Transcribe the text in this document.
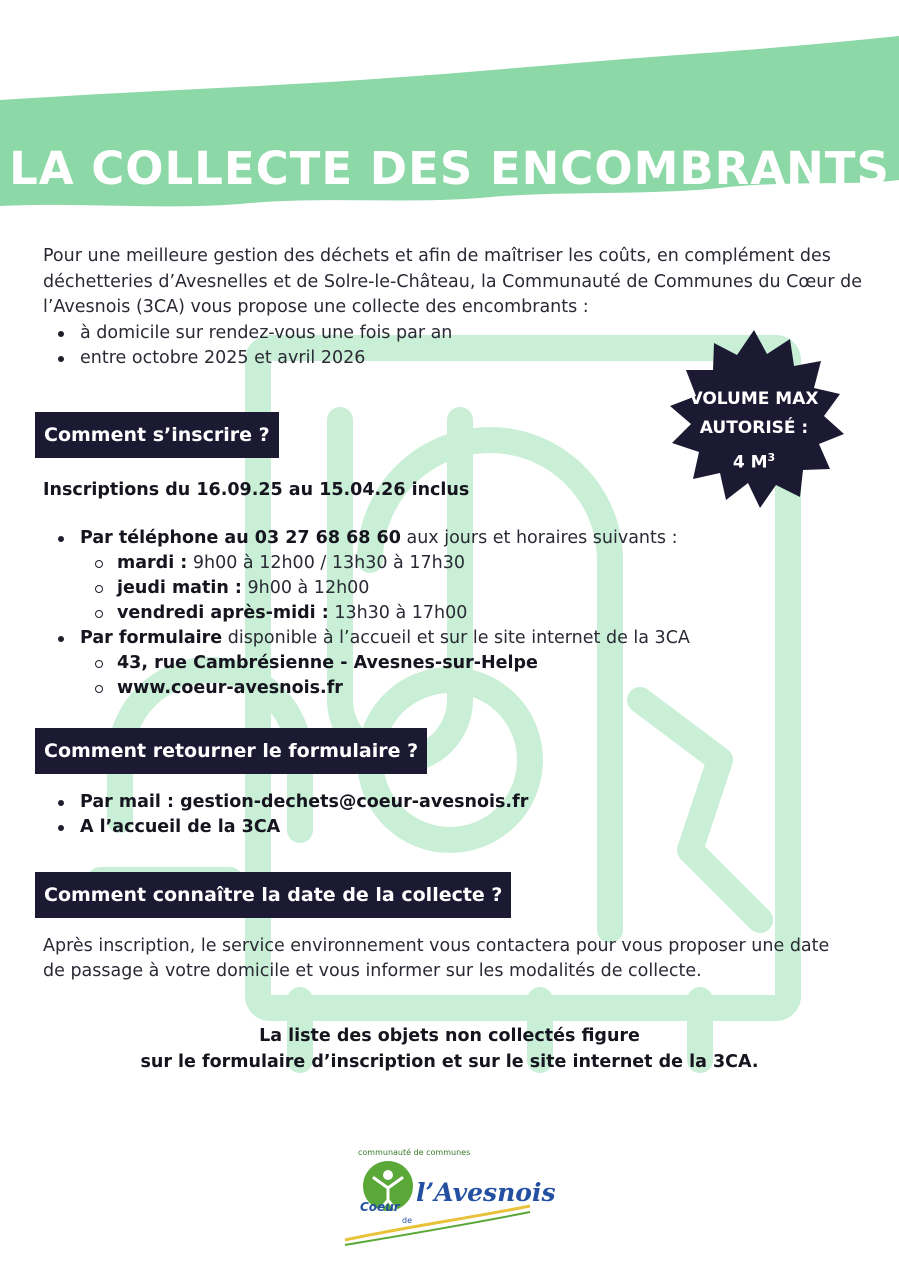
LA COLLECTE DES ENCOMBRANTS

Pour une meilleure gestion des déchets et afin de maîtriser les coûts, en complément des déchetteries d’Avesnelles et de Solre-le-Château, la Communauté de Communes du Cœur de l’Avesnois (3CA) vous propose une collecte des encombrants :

à domicile sur rendez-vous une fois par an
entre octobre 2025 et avril 2026
VOLUME MAX
AUTORISÉ :
4 $M^3$
Comment s’inscrire ?

Inscriptions du 16.09.25 au 15.04.26 inclus

Par téléphone au 03 27 68 68 60 aux jours et horaires suivants :
mardi : 9h00 à 12h00 / 13h30 à 17h30
jeudi matin : 9h00 à 12h00
vendredi après-midi : 13h30 à 17h00
Par formulaire disponible à l’accueil et sur le site internet de la 3CA
43, rue Cambrésienne - Avesnes-sur-Helpe
www.coeur-avesnois.fr
Comment retourner le formulaire ?
Par mail : gestion-dechets@coeur-avesnois.fr
A l’accueil de la 3CA
Comment connaître la date de la collecte ?

Après inscription, le service environnement vous contactera pour vous proposer une date de passage à votre domicile et vous informer sur les modalités de collecte.

La liste des objets non collectés figure
sur le formulaire d’inscription et sur le site internet de la 3CA.
communauté de communes
Coeur
de
l’Avesnois
